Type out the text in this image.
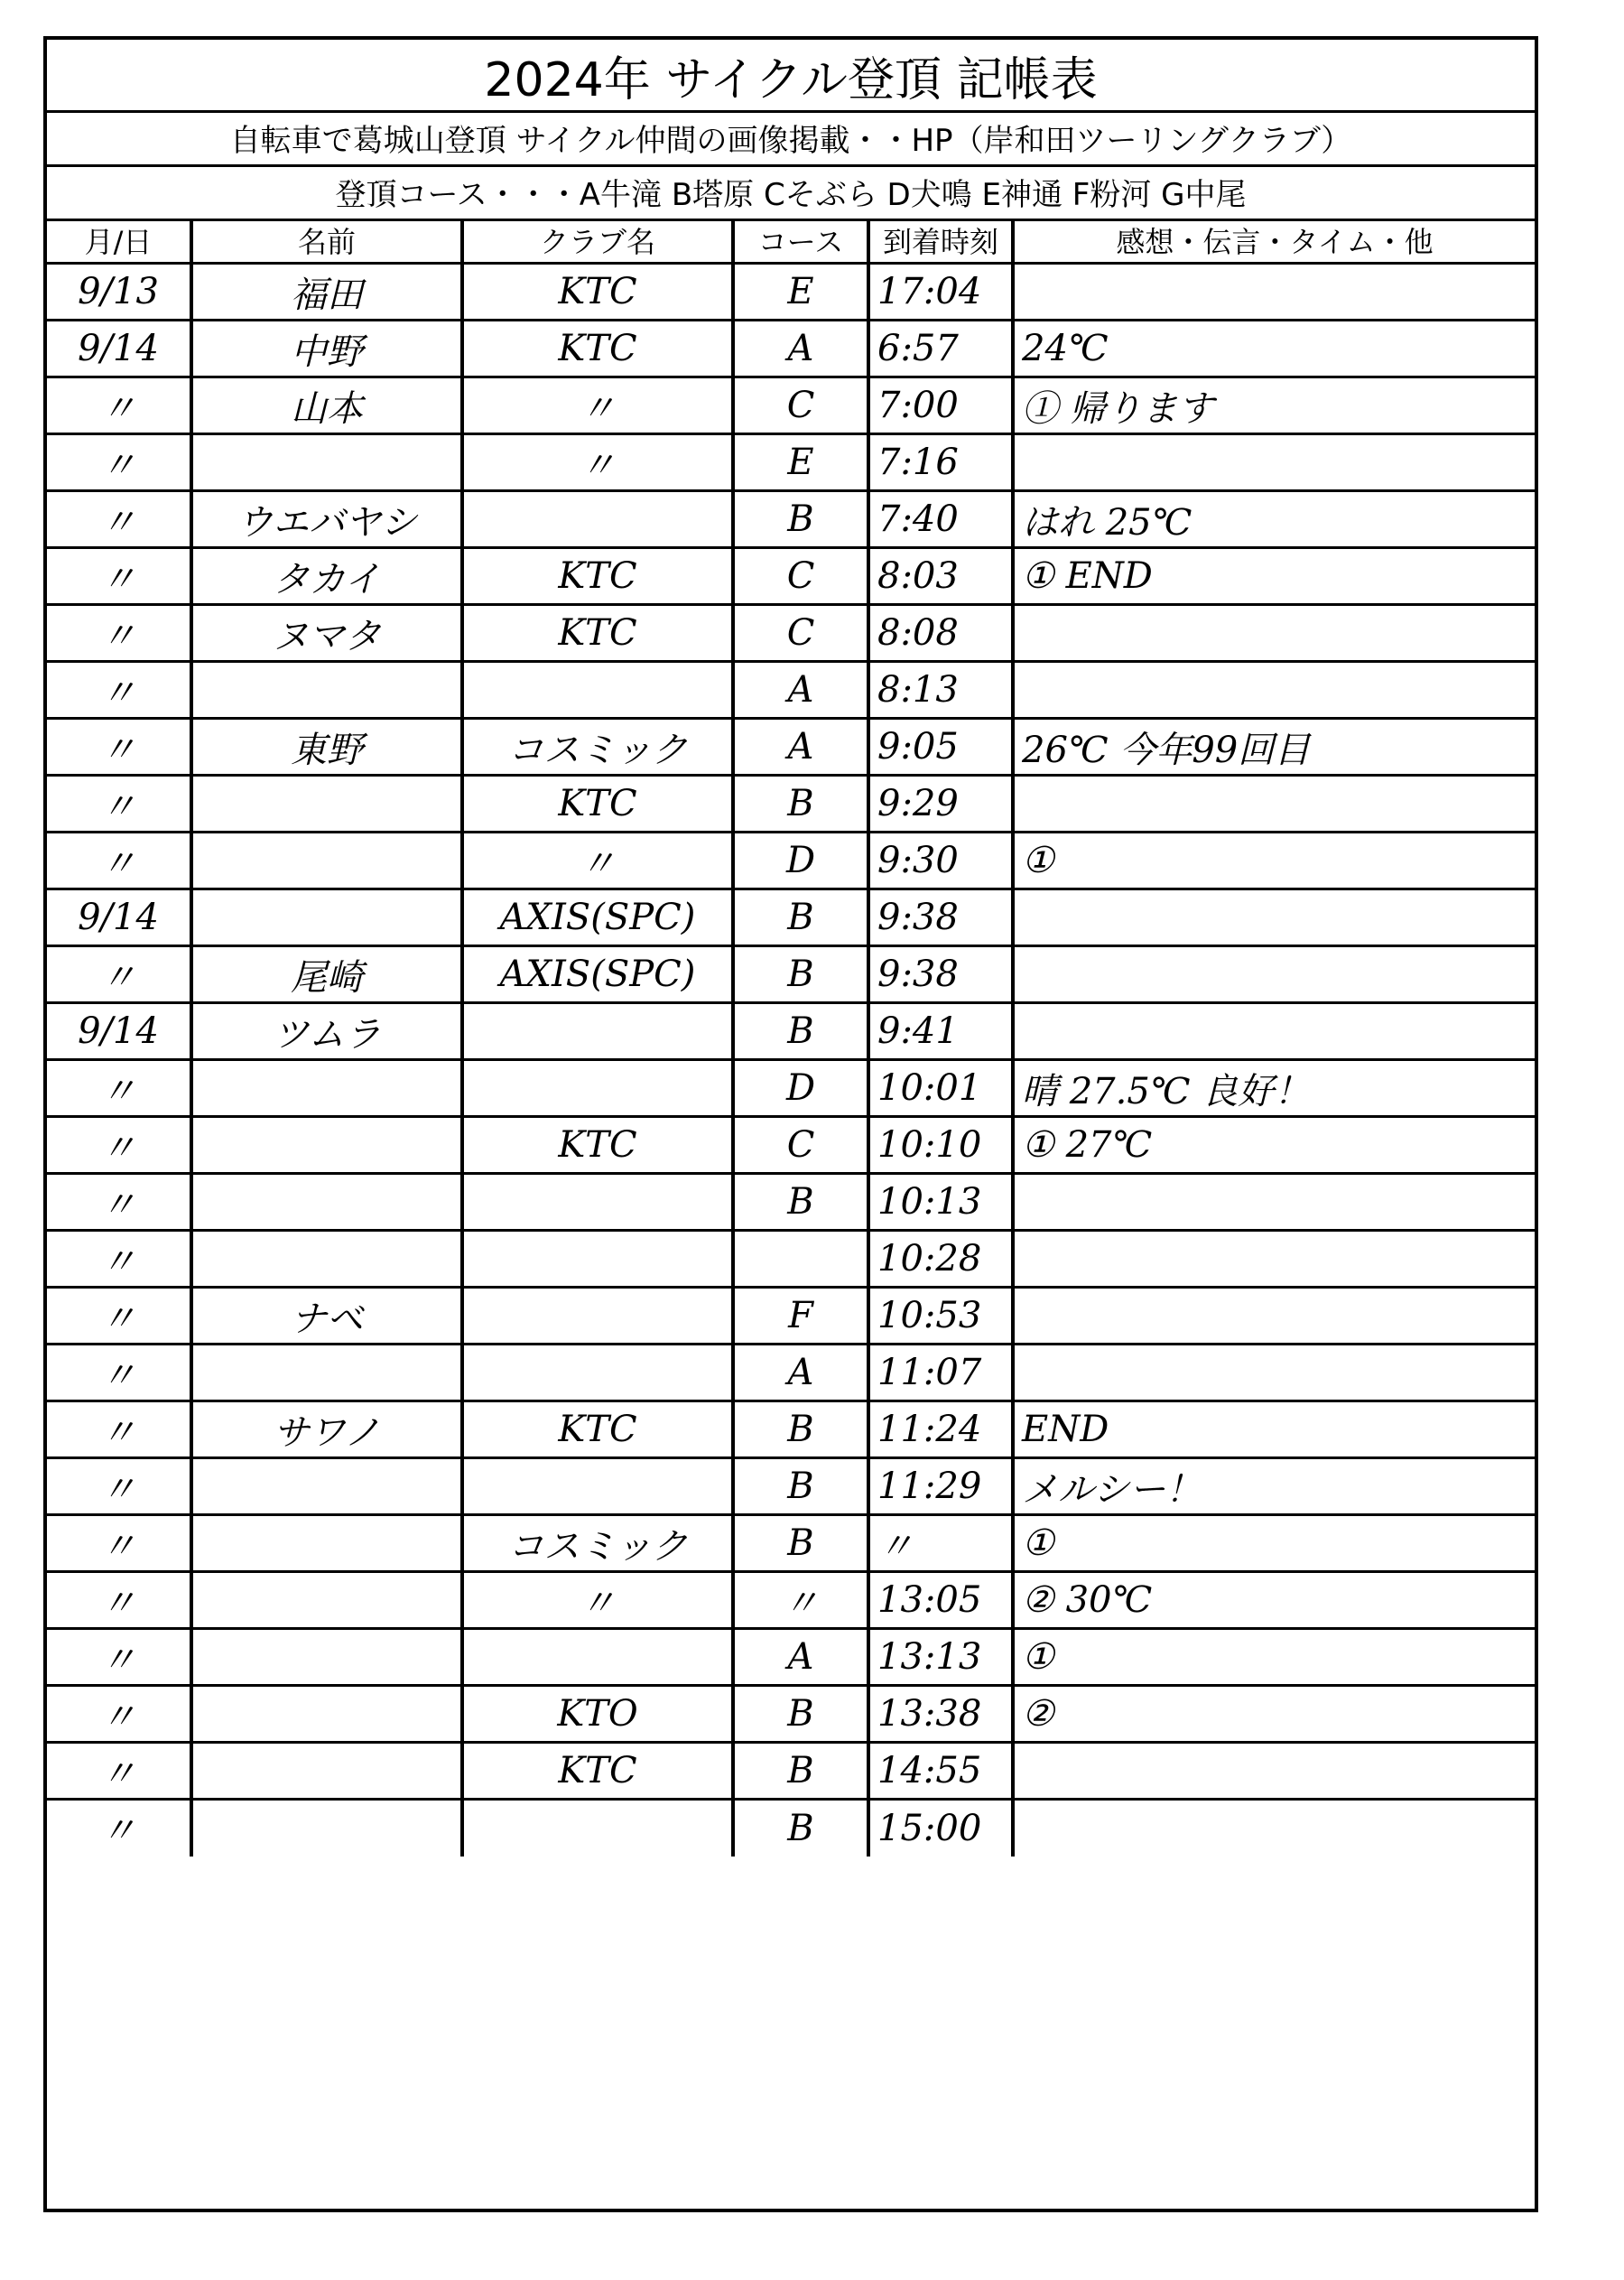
2024年 サイクル登頂 記帳表
自転車で葛城山登頂 サイクル仲間の画像掲載・・HP（岸和田ツーリングクラブ）
登頂コース・・・A牛滝 B塔原 Cそぶら D犬鳴 E神通 F粉河 G中尾
月/日	名前	クラブ名	コース	到着時刻	感想・伝言・タイム・他
9/13	福田	KTC	E	17:04	
9/14	中野	KTC	A	6:57	24℃
〃	山本	〃	C	7:00	① 帰ります
〃		〃	E	7:16	
〃	ウエバヤシ		B	7:40	はれ 25℃
〃	タカイ	KTC	C	8:03	① END
〃	ヌマタ	KTC	C	8:08	
〃			A	8:13	
〃	東野	コスミック	A	9:05	26℃ 今年99回目
〃		KTC	B	9:29	
〃		〃	D	9:30	①
9/14		AXIS(SPC)	B	9:38	
〃	尾崎	AXIS(SPC)	B	9:38	
9/14	ツムラ		B	9:41	
〃			D	10:01	晴 27.5℃ 良好！
〃		KTC	C	10:10	① 27℃
〃			B	10:13	
〃				10:28	
〃	ナベ		F	10:53	
〃			A	11:07	
〃	サワノ	KTC	B	11:24	END
〃			B	11:29	メルシー！
〃		コスミック	B	〃	①
〃		〃	〃	13:05	② 30℃
〃			A	13:13	①
〃		KTO	B	13:38	②
〃		KTC	B	14:55	
〃			B	15:00	
